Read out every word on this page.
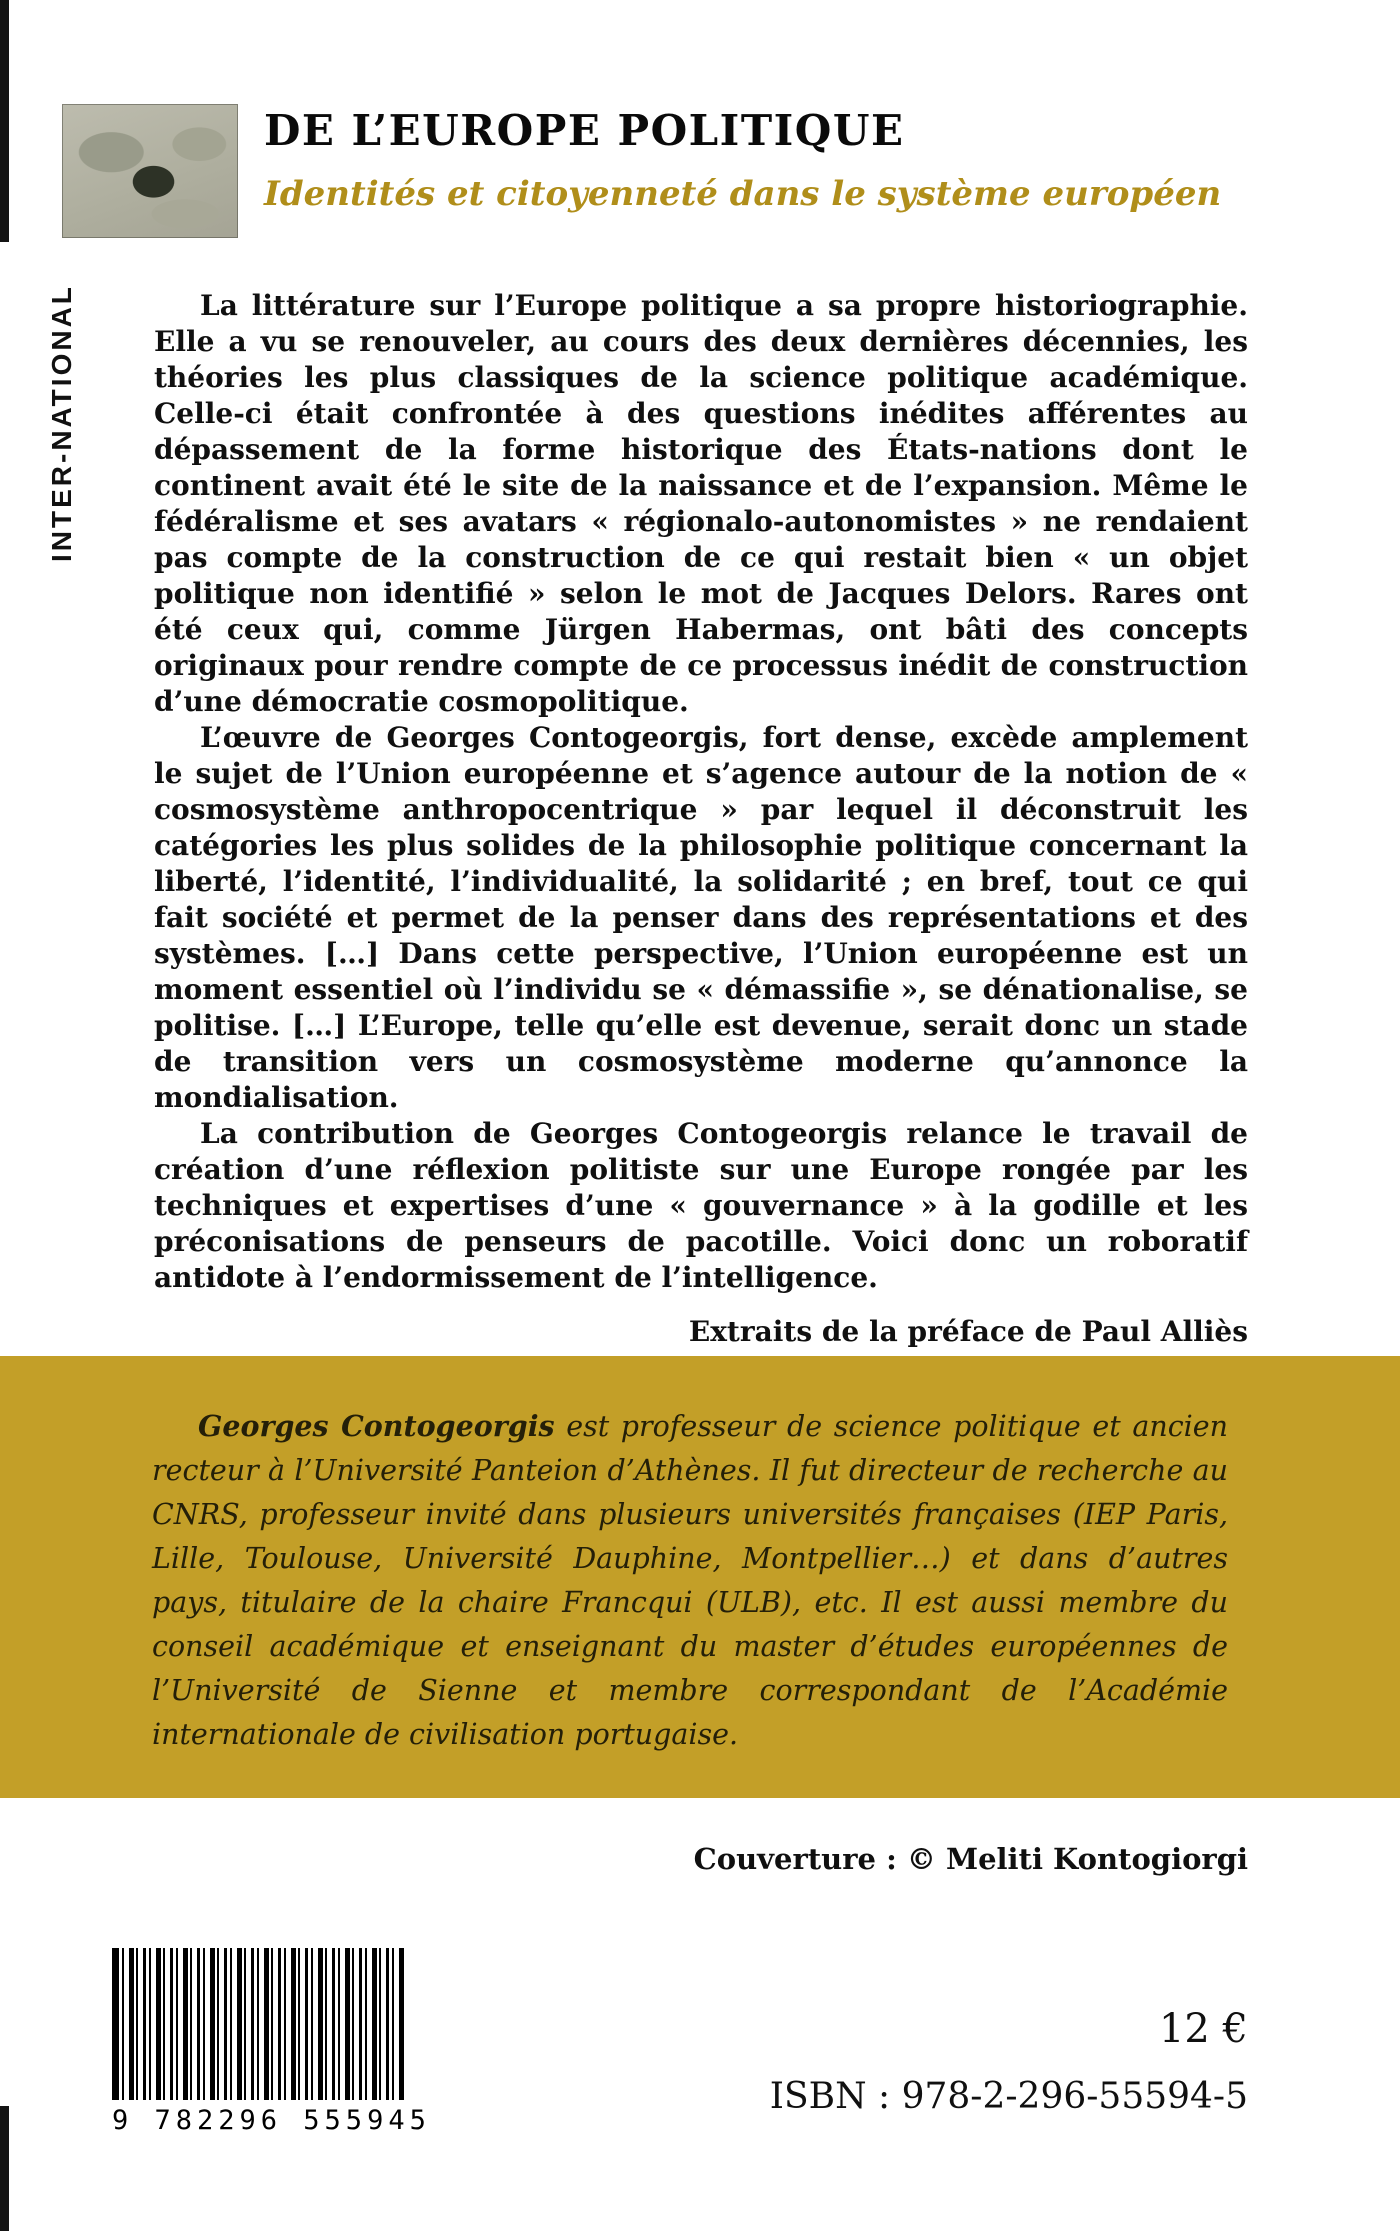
INTER-NATIONAL
DE L’EUROPE POLITIQUE
Identités et citoyenneté dans le système européen

La littérature sur l’Europe politique a sa propre historiographie. Elle a vu se renouveler, au cours des deux dernières décennies, les théories les plus classiques de la science politique académique. Celle-ci était confrontée à des questions inédites afférentes au dépassement de la forme historique des États-nations dont le continent avait été le site de la naissance et de l’expansion. Même le fédéralisme et ses avatars « régionalo-autonomistes » ne rendaient pas compte de la construction de ce qui restait bien « un objet politique non identifié » selon le mot de Jacques Delors. Rares ont été ceux qui, comme Jürgen Habermas, ont bâti des concepts originaux pour rendre compte de ce processus inédit de construction d’une démocratie cosmopolitique.

L’œuvre de Georges Contogeorgis, fort dense, excède amplement le sujet de l’Union européenne et s’agence autour de la notion de « cosmosystème anthropocentrique » par lequel il déconstruit les catégories les plus solides de la philosophie politique concernant la liberté, l’identité, l’individualité, la solidarité ; en bref, tout ce qui fait société et permet de la penser dans des représentations et des systèmes. […] Dans cette perspective, l’Union européenne est un moment essentiel où l’individu se « démassifie », se dénationalise, se politise. […] L’Europe, telle qu’elle est devenue, serait donc un stade de transition vers un cosmosystème moderne qu’annonce la mondialisation.

La contribution de Georges Contogeorgis relance le travail de création d’une réflexion politiste sur une Europe rongée par les techniques et expertises d’une « gouvernance » à la godille et les préconisations de penseurs de pacotille. Voici donc un roboratif antidote à l’endormissement de l’intelligence.

Extraits de la préface de Paul Alliès

Georges Contogeorgis est professeur de science politique et ancien recteur à l’Université Panteion d’Athènes. Il fut directeur de recherche au CNRS, professeur invité dans plusieurs universités françaises (IEP Paris, Lille, Toulouse, Université Dauphine, Montpellier…) et dans d’autres pays, titulaire de la chaire Francqui (ULB), etc. Il est aussi membre du conseil académique et enseignant du master d’études européennes de l’Université de Sienne et membre correspondant de l’Académie internationale de civilisation portugaise.

Couverture : © Meliti Kontogiorgi
9 782296 555945
12 €
ISBN : 978-2-296-55594-5
